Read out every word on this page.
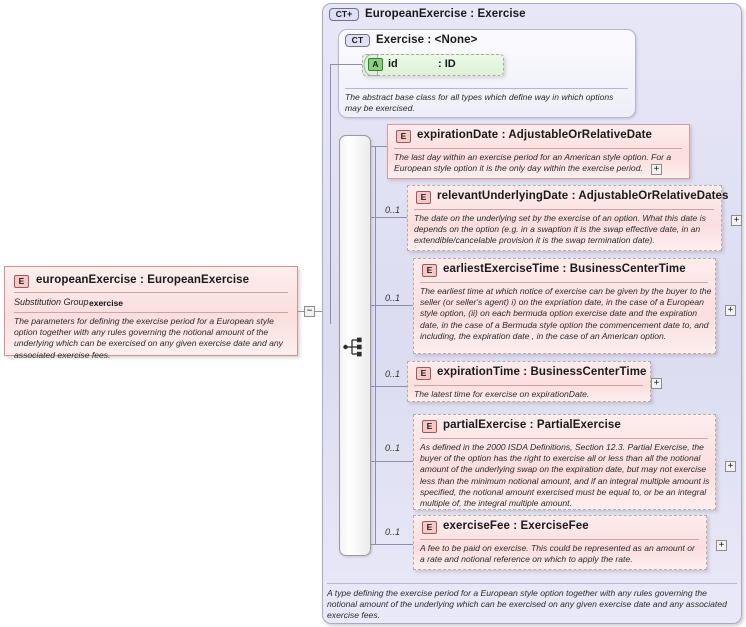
E	europeanExercise : EuropeanExercise
Substitution Group exercise
The parameters for defining the exercise period for a European style option together with any rules governing the notional amount of the underlying which can be exercised on any given exercise date and any associated exercise fees.
−
CT+	EuropeanExercise : Exercise
A type defining the exercise period for a European style option together with any rules governing the notional amount of the underlying which can be exercised on any given exercise date and any associated exercise fees.
CT	Exercise : <None>
A id	: ID
The abstract base class for all types which define way in which options may be exercised.
E expirationDate : AdjustableOrRelativeDate
The last day within an exercise period for an American style option. For a European style option it is the only day within the exercise period.	+
0..1
E relevantUnderlyingDate : AdjustableOrRelativeDates
The date on the underlying set by the exercise of an option. What this date is depends on the option (e.g. in a swaption it is the swap effective date, in an extendible/cancelable provision it is the swap termination date).
+
0..1
E earliestExerciseTime : BusinessCenterTime
The earliest time at which notice of exercise can be given by the buyer to the seller (or seller's agent) i) on the expriation date, in the case of a European style option, (ii) on each bermuda option exercise date and the expiration date, in the case of a Bermuda style option the commencement date to, and including, the expiration date , in the case of an American option.
+
0..1	E expirationTime : BusinessCenterTime
The latest time for exercise on expirationDate.
+
0..1
E partialExercise : PartialExercise
As defined in the 2000 ISDA Definitions, Section 12.3. Partial Exercise, the buyer of the option has the right to exercise all or less than all the notional amount of the underlying swap on the expiration date, but may not exercise less than the minimum notional amount, and if an integral multiple amount is specified, the notional amount exercised must be equal to, or be an integral multiple of, the integral multiple amount.
+
0..1	E exerciseFee : ExerciseFee
A fee to be paid on exercise. This could be represented as an amount or a rate and notional reference on which to apply the rate.
+
